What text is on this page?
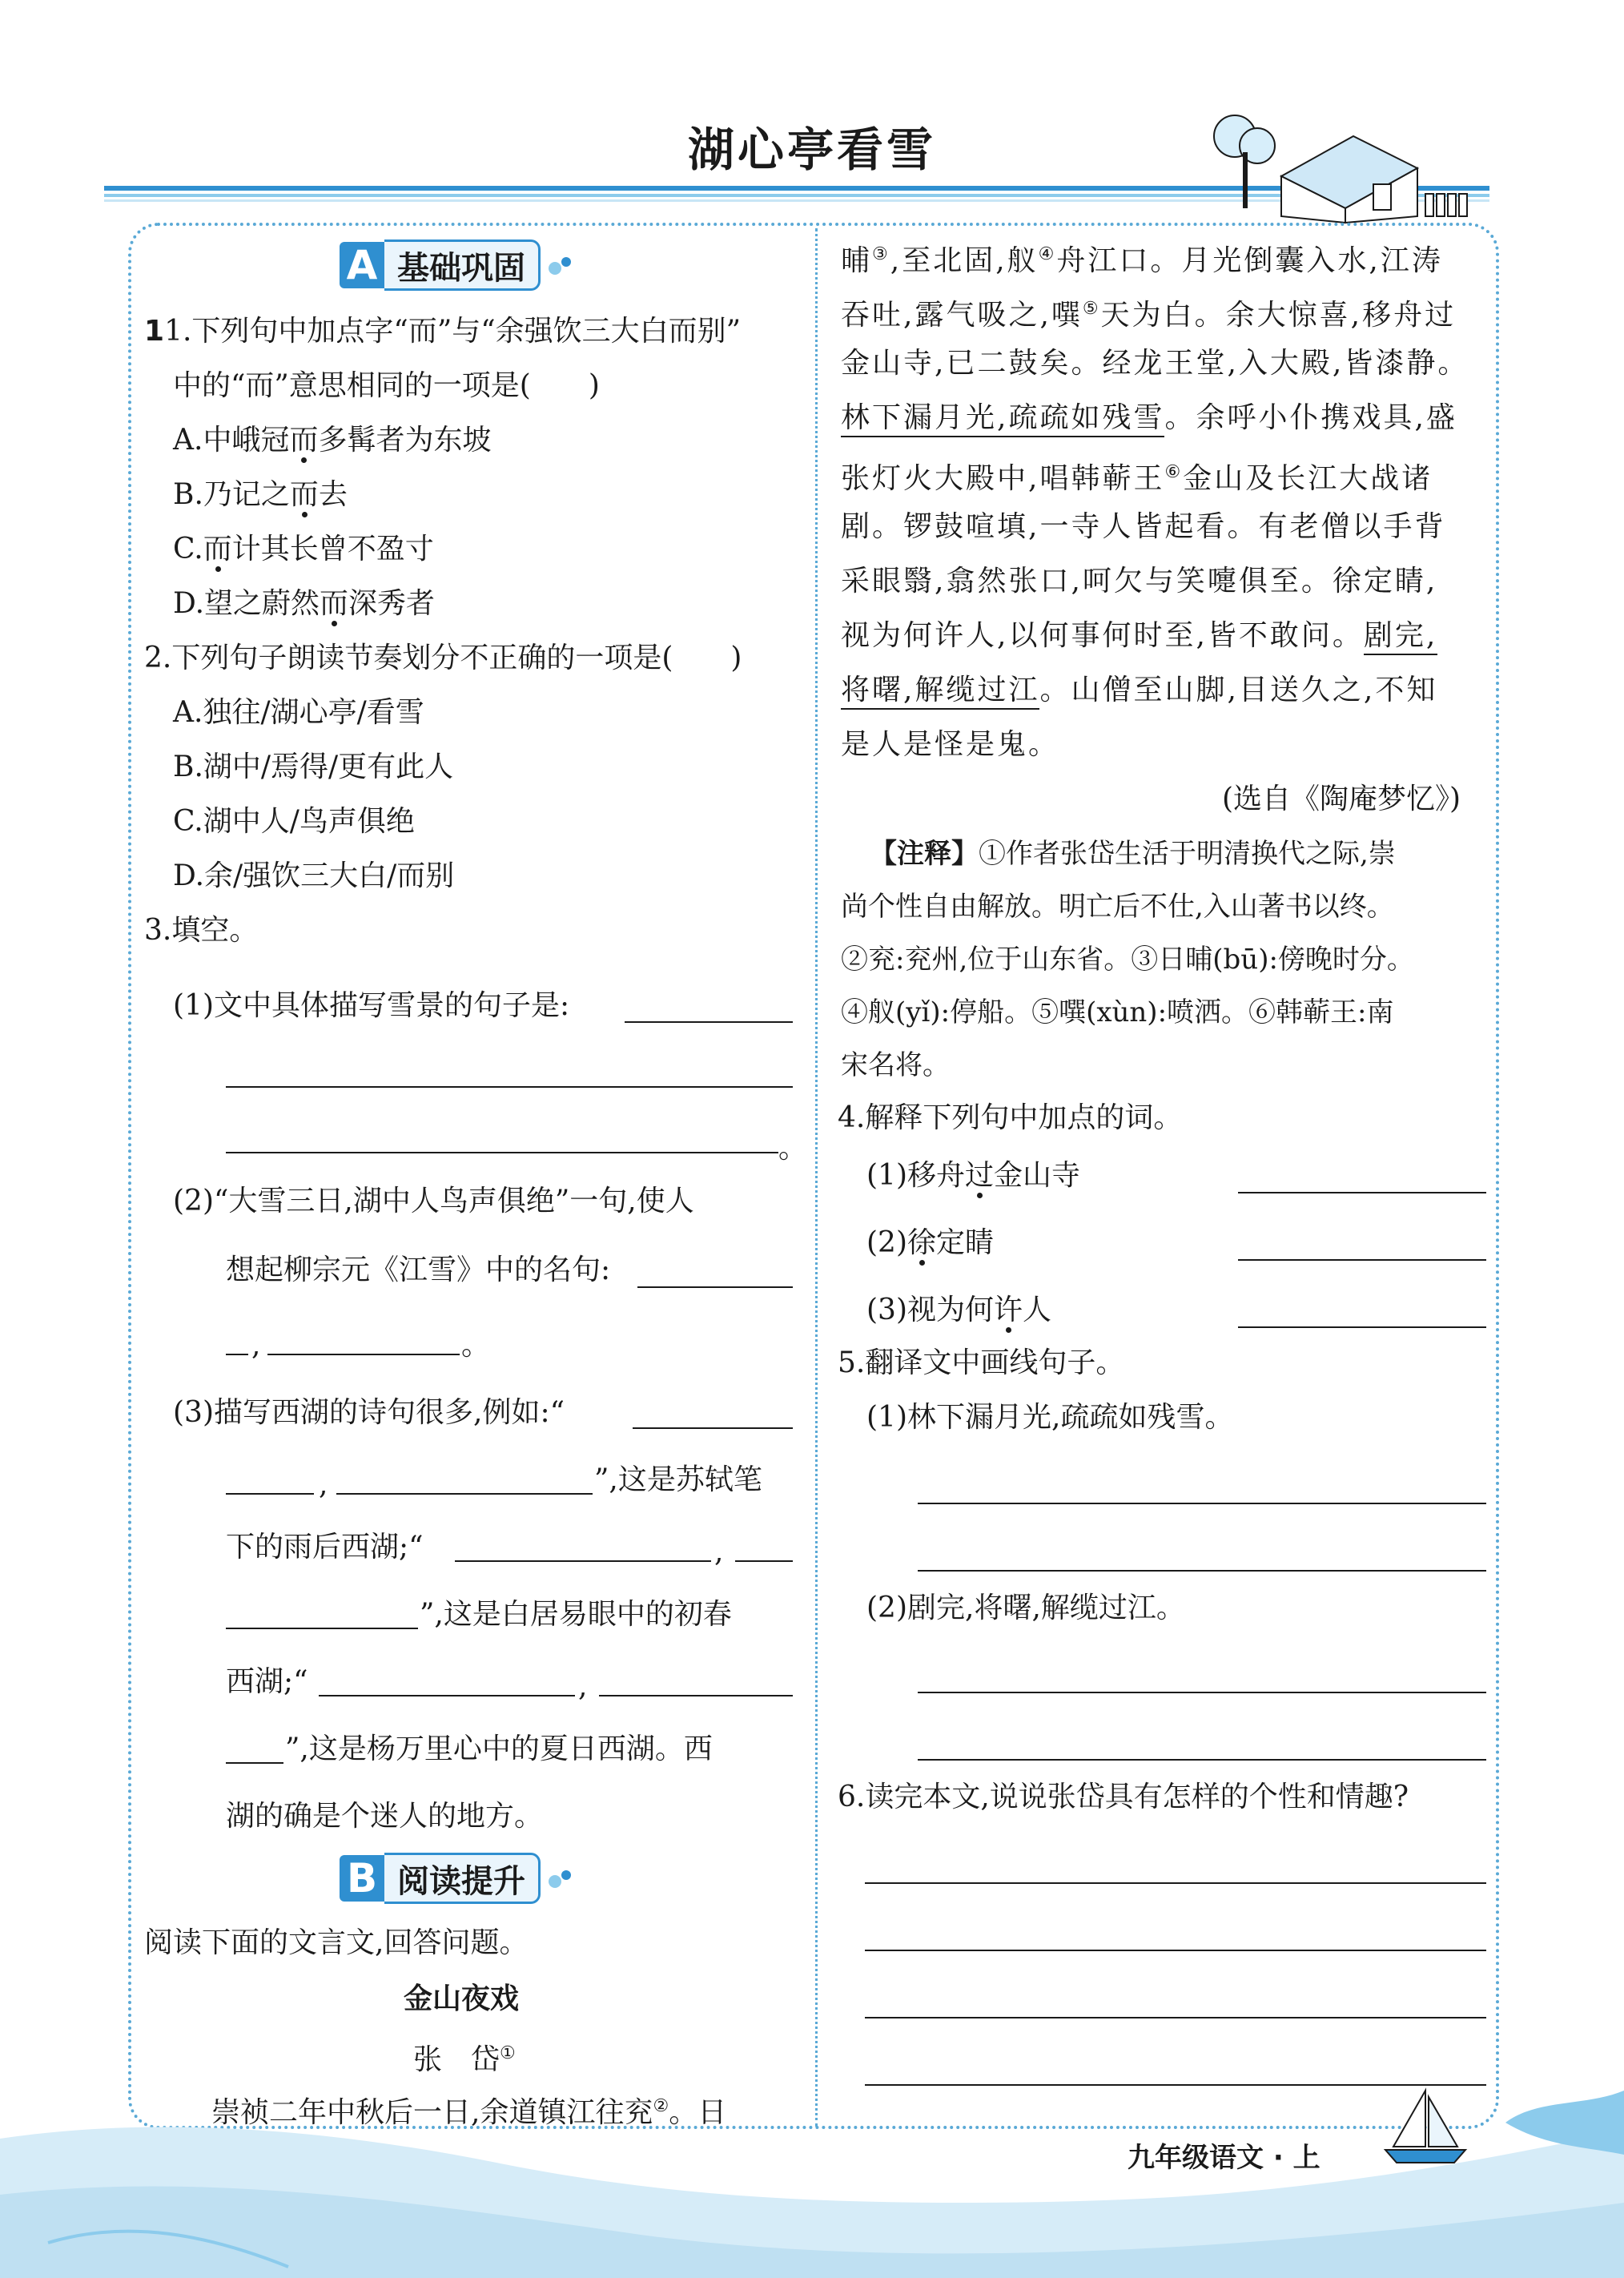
湖心亭看雪
A 基础巩固
11.下列句中加点字“而”与“余强饮三大白而别”
中的“而”意思相同的一项是(　　)
A.中峨冠而多髯者为东坡
B.乃记之而去
C.而计其长曾不盈寸
D.望之蔚然而深秀者
2.下列句子朗读节奏划分不正确的一项是(　　)
A.独往/湖心亭/看雪
B.湖中/焉得/更有此人
C.湖中人/鸟声俱绝
D.余/强饮三大白/而别
3.填空。
(1)文中具体描写雪景的句子是:
。
(2)“大雪三日,湖中人鸟声俱绝”一句,使人
想起柳宗元《江雪》中的名句:
,	。
(3)描写西湖的诗句很多,例如:“
,	”,这是苏轼笔
下的雨后西湖;“	,
”,这是白居易眼中的初春
西湖;“	,
”,这是杨万里心中的夏日西湖。西
湖的确是个迷人的地方。
B 阅读提升
阅读下面的文言文,回答问题。
金山夜戏
张　岱①
崇祯二年中秋后一日,余道镇江往兖②。日
晡③,至北固,舣④舟江口。月光倒囊入水,江涛
吞吐,露气吸之,噀⑤天为白。余大惊喜,移舟过
金山寺,已二鼓矣。经龙王堂,入大殿,皆漆静。
林下漏月光,疏疏如残雪。余呼小仆携戏具,盛
张灯火大殿中,唱韩蕲王⑥金山及长江大战诸
剧。锣鼓喧填,一寺人皆起看。有老僧以手背
采眼翳,翕然张口,呵欠与笑嚏俱至。徐定睛,
视为何许人,以何事何时至,皆不敢问。剧完,
将曙,解缆过江。山僧至山脚,目送久之,不知
是人是怪是鬼。
(选自《陶庵梦忆》)
【注释】①作者张岱生活于明清换代之际,崇
尚个性自由解放。明亡后不仕,入山著书以终。
②兖:兖州,位于山东省。③日晡(bū):傍晚时分。
④舣(yǐ):停船。⑤噀(xùn):喷洒。⑥韩蕲王:南
宋名将。
4.解释下列句中加点的词。
(1)移舟过金山寺
(2)徐定睛
(3)视为何许人
5.翻译文中画线句子。
(1)林下漏月光,疏疏如残雪。
(2)剧完,将曙,解缆过江。
6.读完本文,说说张岱具有怎样的个性和情趣?
九年级语文 · 上
